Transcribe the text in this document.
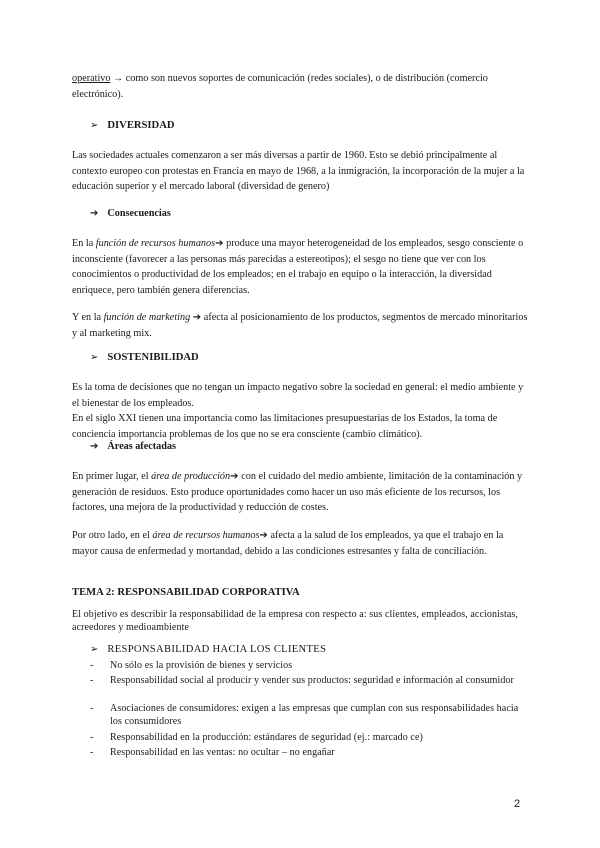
operativo → como son nuevos soportes de comunicación (redes sociales), o de distribución (comercio electrónico).
➢ DIVERSIDAD
Las sociedades actuales comenzaron a ser más diversas a partir de 1960. Esto se debió principalmente al contexto europeo con protestas en Francia en mayo de 1968, a la inmigración, la incorporación de la mujer a la educación superior y el mercado laboral (diversidad de genero)
➔ Consecuencias
En la función de recursos humanos➔ produce una mayor heterogeneidad de los empleados, sesgo consciente o inconsciente (favorecer a las personas más parecidas a estereotipos); el sesgo no tiene que ver con los conocimientos o productividad de los empleados; en el trabajo en equipo o la interacción, la diversidad enriquece, pero también genera diferencias.
Y en la función de marketing ➔ afecta al posicionamiento de los productos, segmentos de mercado minoritarios y al marketing mix.
➢ SOSTENIBILIDAD
Es la toma de decisiones que no tengan un impacto negativo sobre la sociedad en general: el medio ambiente y el bienestar de los empleados.
En el siglo XXI tienen una importancia como las limitaciones presupuestarias de los Estados, la toma de conciencia importancia problemas de los que no se era consciente (cambio climático).
➔ Áreas afectadas
En primer lugar, el área de producción➔ con el cuidado del medio ambiente, limitación de la contaminación y generación de residuos. Esto produce oportunidades como hacer un uso más eficiente de los recursos, los factores, una mejora de la productividad y reducción de costes.
Por otro lado, en el área de recursos humanos➔ afecta a la salud de los empleados, ya que el trabajo en la mayor causa de enfermedad y mortandad, debido a las condiciones estresantes y falta de conciliación.
TEMA 2: RESPONSABILIDAD CORPORATIVA
El objetivo es describir la responsabilidad de la empresa con respecto a: sus clientes, empleados, accionistas, acreedores y medioambiente
➢ RESPONSABILIDAD HACIA LOS CLIENTES
- No sólo es la provisión de bienes y servicios
- Responsabilidad social al producir y vender sus productos: seguridad e información al consumidor
- Asociaciones de consumidores: exigen a las empresas que cumplan con sus responsabilidades hacia los consumidores
- Responsabilidad en la producción: estándares de seguridad (ej.: marcado ce)
- Responsabilidad en las ventas: no ocultar – no engañar
2
